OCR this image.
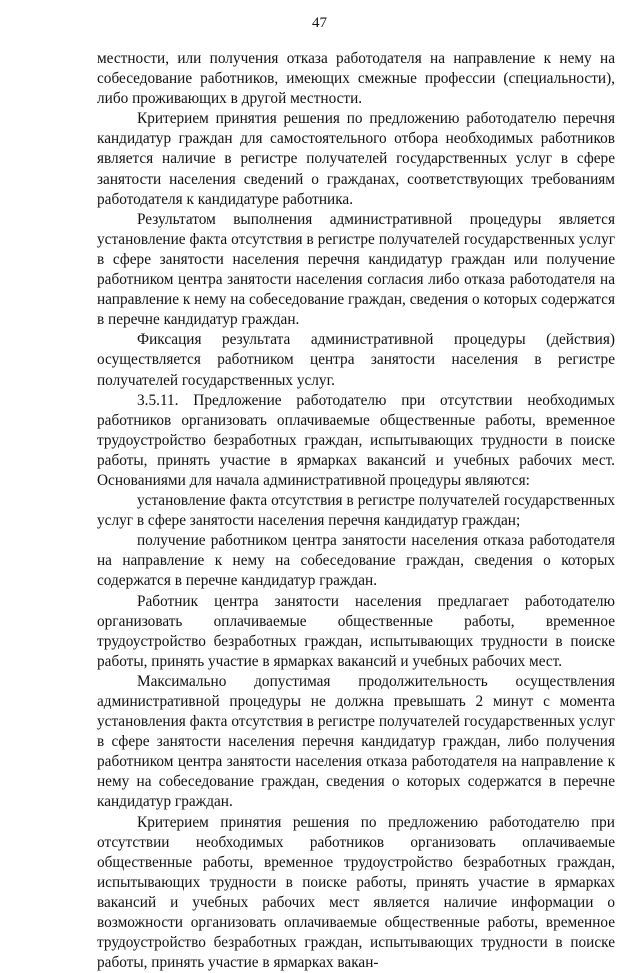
47

местности, или получения отказа работодателя на направление к нему на собеседование работников, имеющих смежные профессии (специальности), либо проживающих в другой местности.

Критерием принятия решения по предложению работодателю перечня кандидатур граждан для самостоятельного отбора необходимых работников является наличие в регистре получателей государственных услуг в сфере занятости населения сведений о гражданах, соответствующих требованиям работодателя к кандидатуре работника.

Результатом выполнения административной процедуры является установление факта отсутствия в регистре получателей государственных услуг в сфере занятости населения перечня кандидатур граждан или получение работником центра занятости населения согласия либо отказа работодателя на направление к нему на собеседование граждан, сведения о которых содержатся в перечне кандидатур граждан.

Фиксация результата административной процедуры (действия) осуществляется работником центра занятости населения в регистре получателей государственных услуг.

3.5.11. Предложение работодателю при отсутствии необходимых работников организовать оплачиваемые общественные работы, временное трудоустройство безработных граждан, испытывающих трудности в поиске работы, принять участие в ярмарках вакансий и учебных рабочих мест. Основаниями для начала административной процедуры являются:

установление факта отсутствия в регистре получателей государственных услуг в сфере занятости населения перечня кандидатур граждан;

получение работником центра занятости населения отказа работодателя на направление к нему на собеседование граждан, сведения о которых содержатся в перечне кандидатур граждан.

Работник центра занятости населения предлагает работодателю организовать оплачиваемые общественные работы, временное трудоустройство безработных граждан, испытывающих трудности в поиске работы, принять участие в ярмарках вакансий и учебных рабочих мест.

Максимально допустимая продолжительность осуществления административной процедуры не должна превышать 2 минут с момента установления факта отсутствия в регистре получателей государственных услуг в сфере занятости населения перечня кандидатур граждан, либо получения работником центра занятости населения отказа работодателя на направление к нему на собеседование граждан, сведения о которых содержатся в перечне кандидатур граждан.

Критерием принятия решения по предложению работодателю при отсутствии необходимых работников организовать оплачиваемые общественные работы, временное трудоустройство безработных граждан, испытывающих трудности в поиске работы, принять участие в ярмарках вакансий и учебных рабочих мест является наличие информации о возможности организовать оплачиваемые общественные работы, временное трудоустройство безработных граждан, испытывающих трудности в поиске работы, принять участие в ярмарках вакан-
